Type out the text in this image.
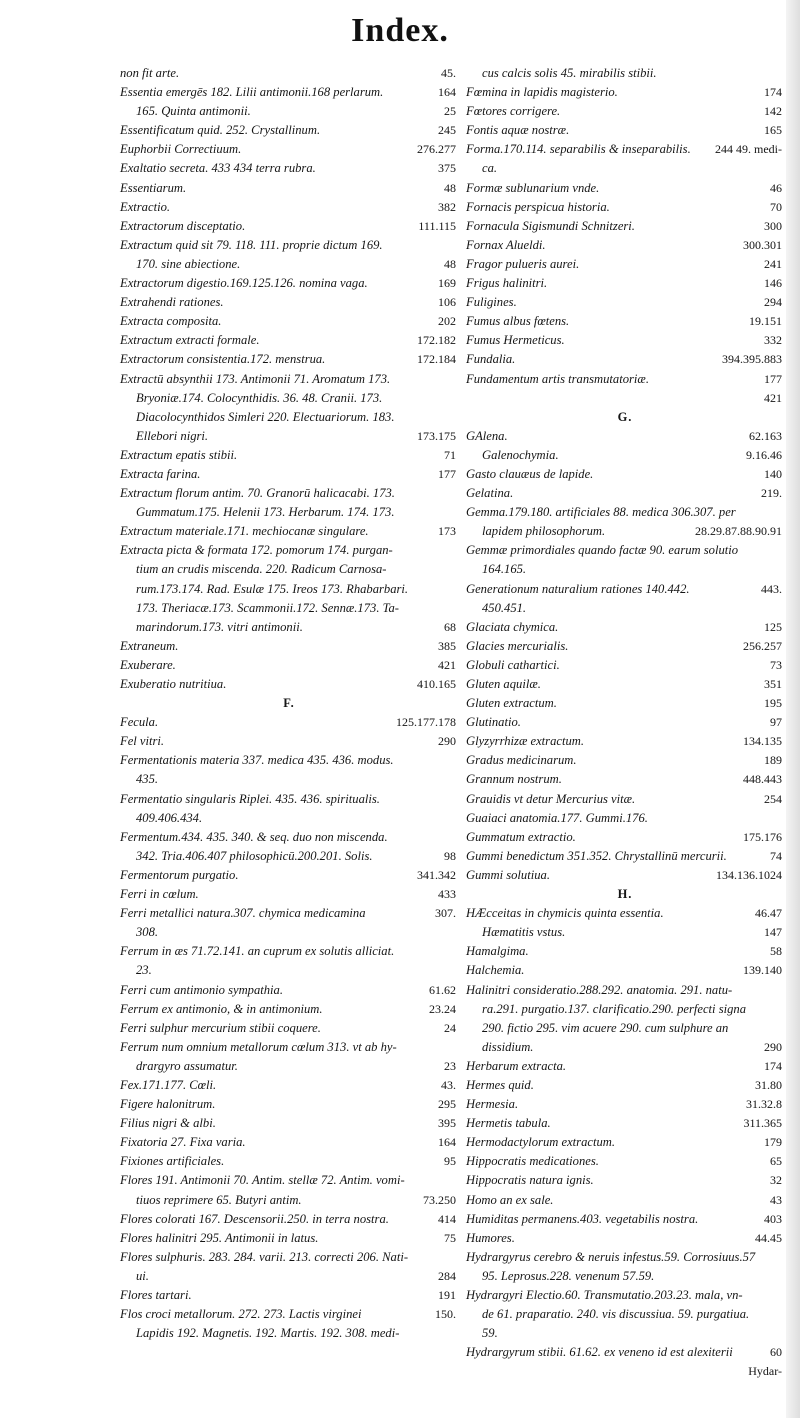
Index.
non fit arte.	45.
Essentia emergēs 182. Lilii antimonii.168 perlarum.	164
165. Quinta antimonii.	25
Essentificatum quid. 252. Crystallinum.	245
Euphorbii Correctiuum.	276.277
Exaltatio secreta. 433 434 terra rubra.	375
Essentiarum.	48
Extractio.	382
Extractorum disceptatio.	111.115
Extractum quid sit 79. 118. 111. proprie dictum 169.
170. sine abiectione.	48
Extractorum digestio.169.125.126. nomina vaga.	169
Extrahendi rationes.	106
Extracta composita.	202
Extractum extracti formale.	172.182
Extractorum consistentia.172. menstrua.	172.184
Extractū absynthii 173. Antimonii 71. Aromatum 173.
Bryoniæ.174. Colocynthidis. 36. 48. Cranii. 173.
Diacolocynthidos Simleri 220. Electuariorum. 183.
Ellebori nigri.	173.175
Extractum epatis stibii.	71
Extracta farina.	177
Extractum florum antim. 70. Granorū halicacabi. 173.
Gummatum.175. Helenii 173. Herbarum. 174. 173.
Extractum materiale.171. mechiocanæ singulare.	173
Extracta picta & formata 172. pomorum 174. purgan-
tium an crudis miscenda. 220. Radicum Carnosa-
rum.173.174. Rad. Esulæ 175. Ireos 173. Rhabarbari.
173. Theriacæ.173. Scammonii.172. Sennæ.173. Ta-
marindorum.173. vitri antimonii.	68
Extraneum.	385
Exuberare.	421
Exuberatio nutritiua.	410.165
F.
Fecula.	125.177.178
Fel vitri.	290
Fermentationis materia 337. medica 435. 436. modus.
435.
Fermentatio singularis Riplei. 435. 436. spiritualis.
409.406.434.
Fermentum.434. 435. 340. & seq. duo non miscenda.
342. Tria.406.407 philosophicū.200.201. Solis.	98
Fermentorum purgatio.	341.342
Ferri in cœlum.	433
Ferri metallici natura.307. chymica medicamina	307.
308.
Ferrum in æs 71.72.141. an cuprum ex solutis alliciat.
23.
Ferri cum antimonio sympathia.	61.62
Ferrum ex antimonio, & in antimonium.	23.24
Ferri sulphur mercurium stibii coquere.	24
Ferrum num omnium metallorum cœlum 313. vt ab hy-
drargyro assumatur.	23
Fex.171.177. Cœli.	43.
Figere halonitrum.	295
Filius nigri & albi.	395
Fixatoria 27. Fixa varia.	164
Fixiones artificiales.	95
Flores 191. Antimonii 70. Antim. stellæ 72. Antim. vomi-
tiuos reprimere 65. Butyri antim.	73.250
Flores colorati 167. Descensorii.250. in terra nostra.	414
Flores halinitri 295. Antimonii in latus.	75
Flores sulphuris. 283. 284. varii. 213. correcti 206. Nati-
ui.	284
Flores tartari.	191
Flos croci metallorum. 272. 273. Lactis virginei	150.
Lapidis 192. Magnetis. 192. Martis. 192. 308. medi-
cus calcis solis 45. mirabilis stibii.
Fœmina in lapidis magisterio.	174
Fœtores corrigere.	142
Fontis aquæ nostræ.	165
Forma.170.114. separabilis & inseparabilis. 244 49. medi-
ca.
Formæ sublunarium vnde.	46
Fornacis perspicua historia.	70
Fornacula Sigismundi Schnitzeri.	300
Fornax Alueldi.	300.301
Fragor pulueris aurei.	241
Frigus halinitri.	146
Fuligines.	294
Fumus albus fœtens.	19.151
Fumus Hermeticus.	332
Fundalia.	394.395.883
Fundamentum artis transmutatoriæ.	177
421
G.
GAlena.	62.163
Galenochymia.	9.16.46
Gasto clauæus de lapide.	140
Gelatina.	219.
Gemma.179.180. artificiales 88. medica 306.307. per
lapidem philosophorum.	28.29.87.88.90.91
Gemmæ primordiales quando factæ 90. earum solutio
164.165.
Generationum naturalium rationes 140.442.	443.
450.451.
Glaciata chymica.	125
Glacies mercurialis.	256.257
Globuli cathartici.	73
Gluten aquilæ.	351
Gluten extractum.	195
Glutinatio.	97
Glyzyrrhizæ extractum.	134.135
Gradus medicinarum.	189
Grannum nostrum.	448.443
Grauidis vt detur Mercurius vitæ.	254
Guaiaci anatomia.177. Gummi.176.
Gummatum extractio.	175.176
Gummi benedictum 351.352. Chrystallinū mercurii.	74
Gummi solutiua.	134.136.1024
H.
HÆcceitas in chymicis quinta essentia.	46.47
Hæmatitis vstus.	147
Hamalgima.	58
Halchemia.	139.140
Halinitri consideratio.288.292. anatomia. 291. natu-
ra.291. purgatio.137. clarificatio.290. perfecti signa
290. fictio 295. vim acuere 290. cum sulphure an
dissidium.	290
Herbarum extracta.	174
Hermes quid.	31.80
Hermesia.	31.32.8
Hermetis tabula.	311.365
Hermodactylorum extractum.	179
Hippocratis medicationes.	65
Hippocratis natura ignis.	32
Homo an ex sale.	43
Humiditas permanens.403. vegetabilis nostra.	403
Humores.	44.45
Hydrargyrus cerebro & neruis infestus.59. Corrosiuus.57
95. Leprosus.228. venenum 57.59.
Hydrargyri Electio.60. Transmutatio.203.23. mala, vn-
de 61. praparatio. 240. vis discussiua. 59. purgatiua.
59.
Hydrargyrum stibii. 61.62. ex veneno id est alexiterii	60
Hydar-
